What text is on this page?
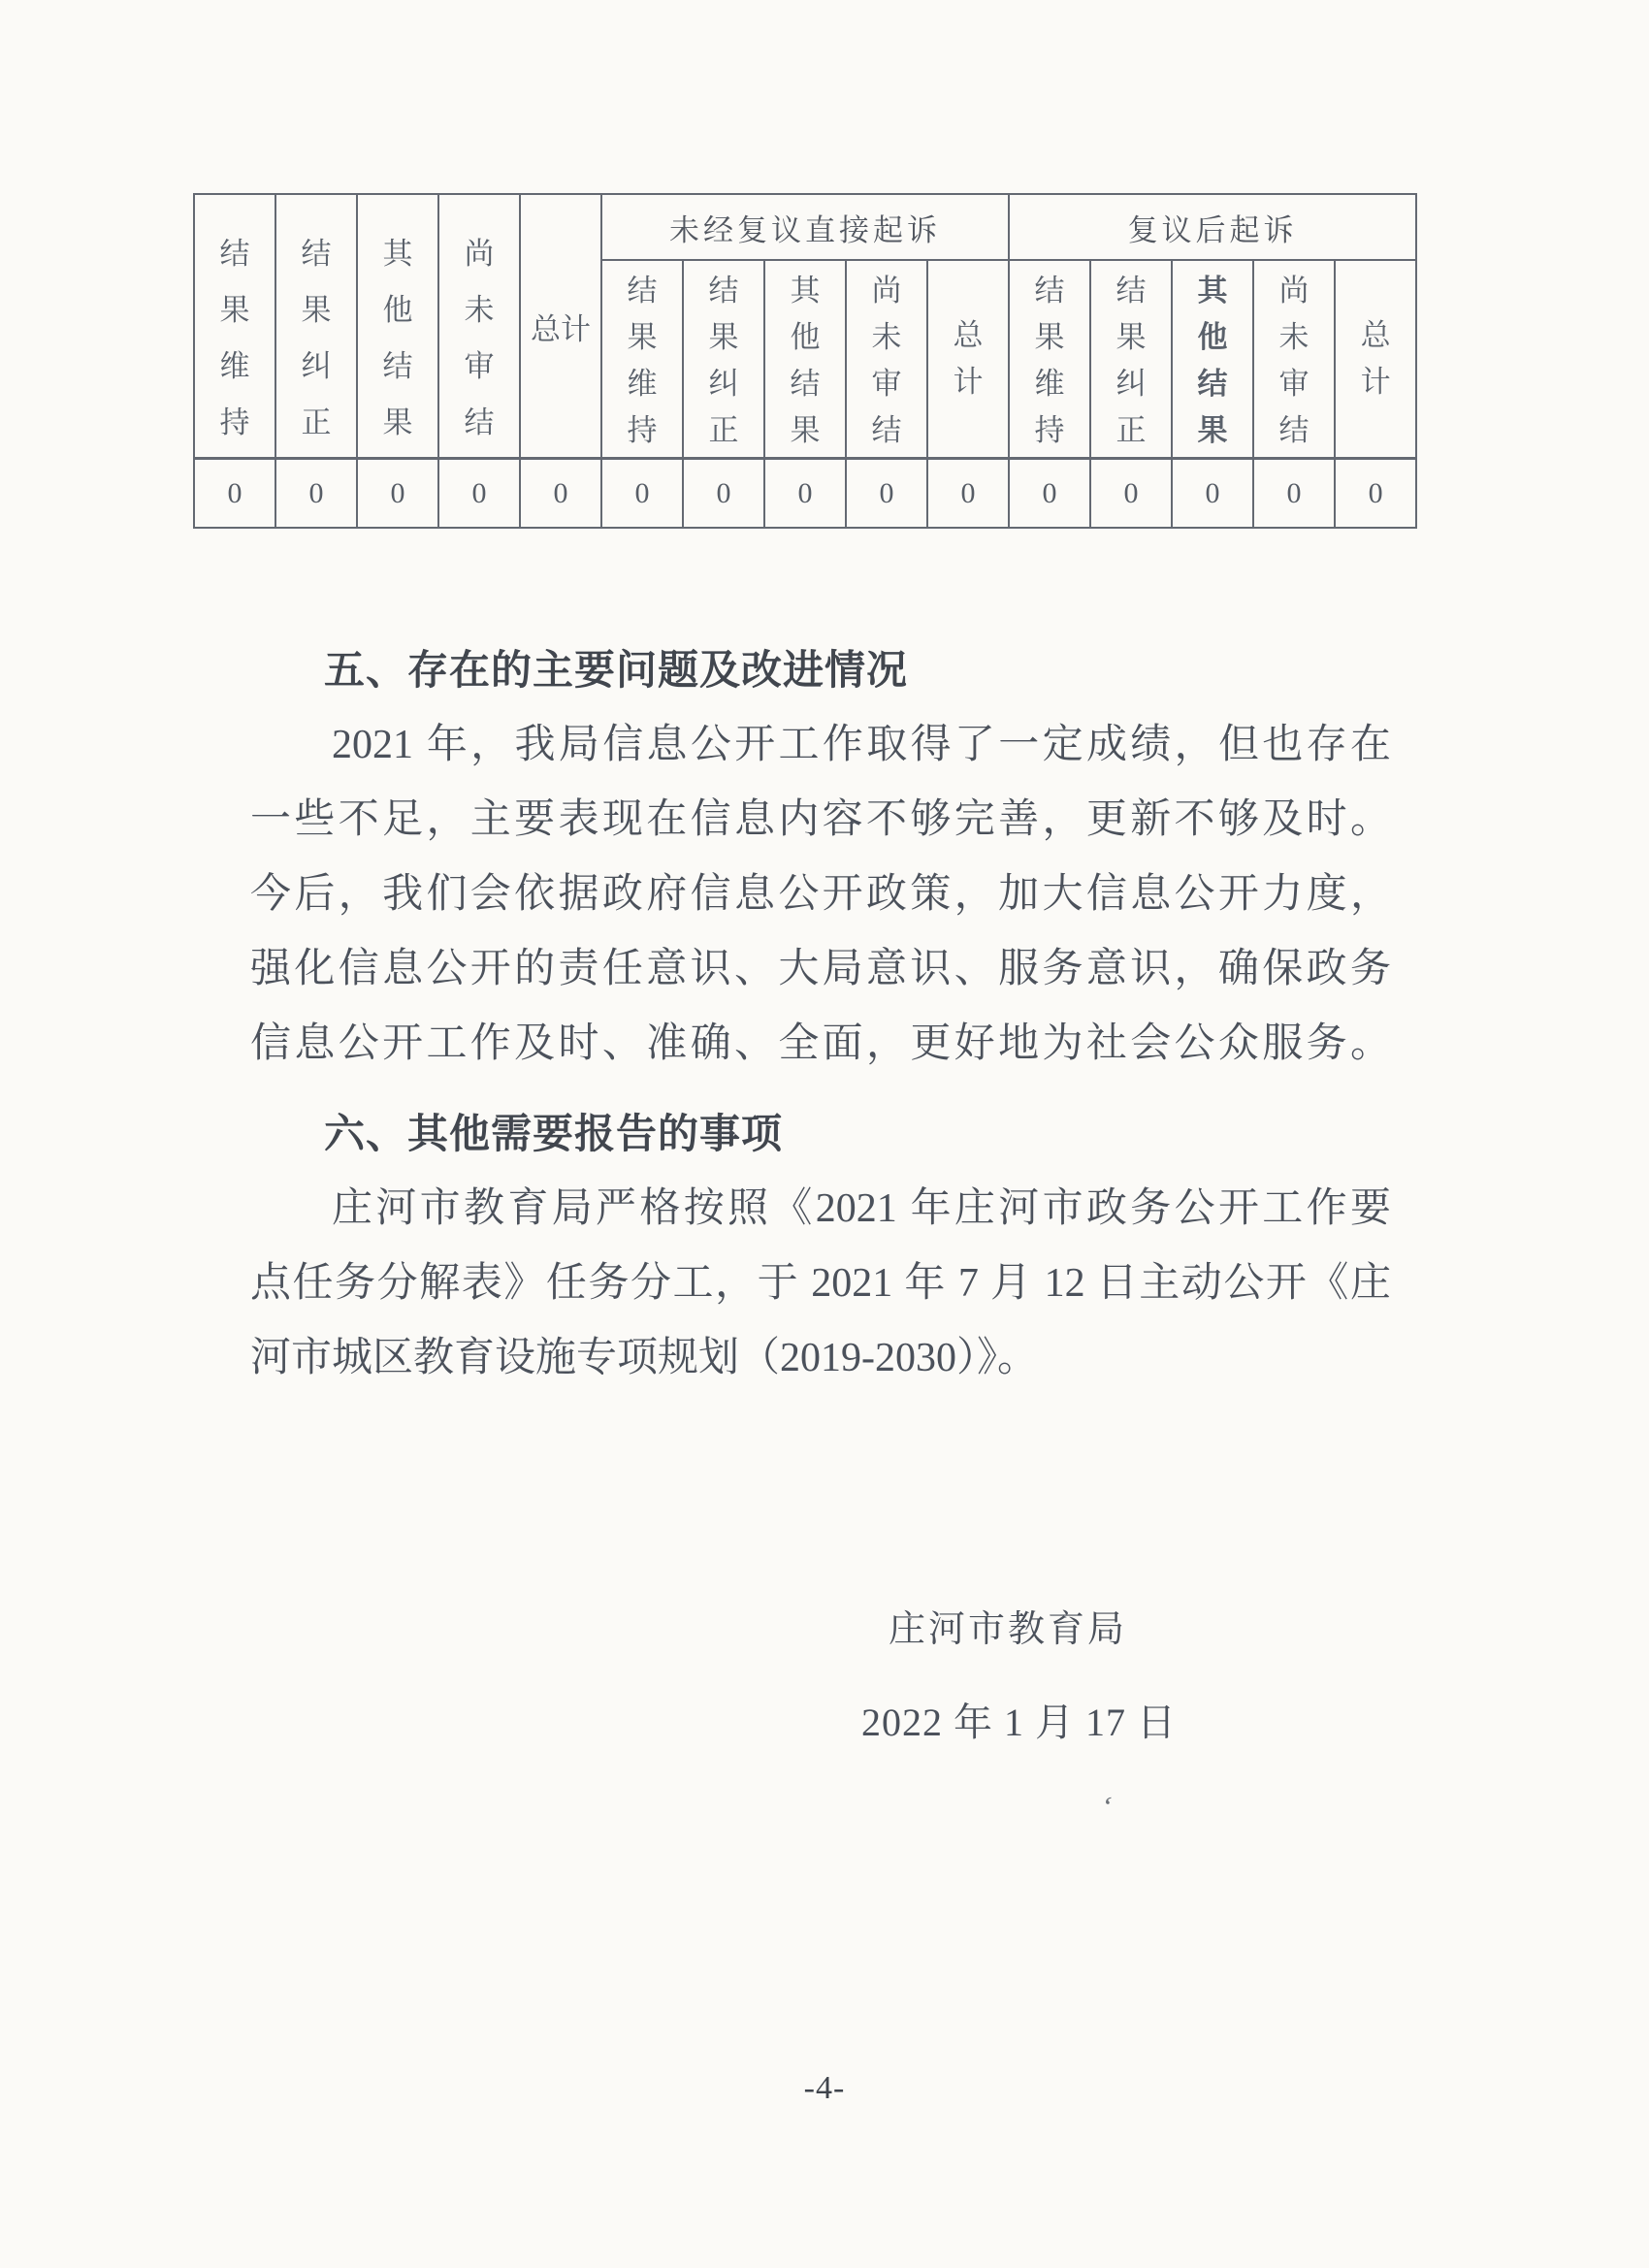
结果维持	结果纠正	其他结果	尚未审结	总计	未经复议直接起诉					复议后起诉				

					结果维持	结果纠正	其他结果	尚未审结	总计	结果维持	结果纠正	其他结果	尚未审结	总计

0	0	0	0	0	0	0	0	0	0	0	0	0	0	0
五、存在的主要问题及改进情况
2021 年，我局信息公开工作取得了一定成绩，但也存在
一些不足，主要表现在信息内容不够完善，更新不够及时。
今后，我们会依据政府信息公开政策，加大信息公开力度，
强化信息公开的责任意识、大局意识、服务意识，确保政务
信息公开工作及时、准确、全面，更好地为社会公众服务。
六、其他需要报告的事项
庄河市教育局严格按照《2021 年庄河市政务公开工作要
点任务分解表》任务分工，于 2021 年 7 月 12 日主动公开《庄
河市城区教育设施专项规划（2019-2030）》。
庄河市教育局
2022 年 1 月 17 日
‘
-4-
